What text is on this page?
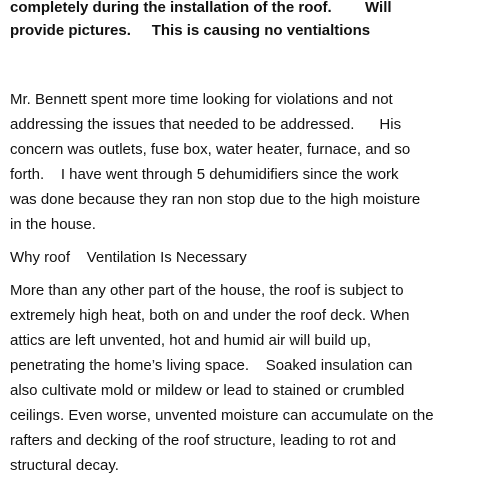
completely during the installation of the roof.        Will

provide pictures.     This is causing no ventialtions

Mr. Bennett spent more time looking for violations and not

addressing the issues that needed to be addressed.      His

concern was outlets, fuse box, water heater, furnace, and so

forth.    I have went through 5 dehumidifiers since the work

was done because they ran non stop due to the high moisture

in the house.

Why roof    Ventilation Is Necessary

More than any other part of the house, the roof is subject to

extremely high heat, both on and under the roof deck. When

attics are left unvented, hot and humid air will build up,

penetrating the home’s living space.    Soaked insulation can

also cultivate mold or mildew or lead to stained or crumbled

ceilings. Even worse, unvented moisture can accumulate on the

rafters and decking of the roof structure, leading to rot and

structural decay.
